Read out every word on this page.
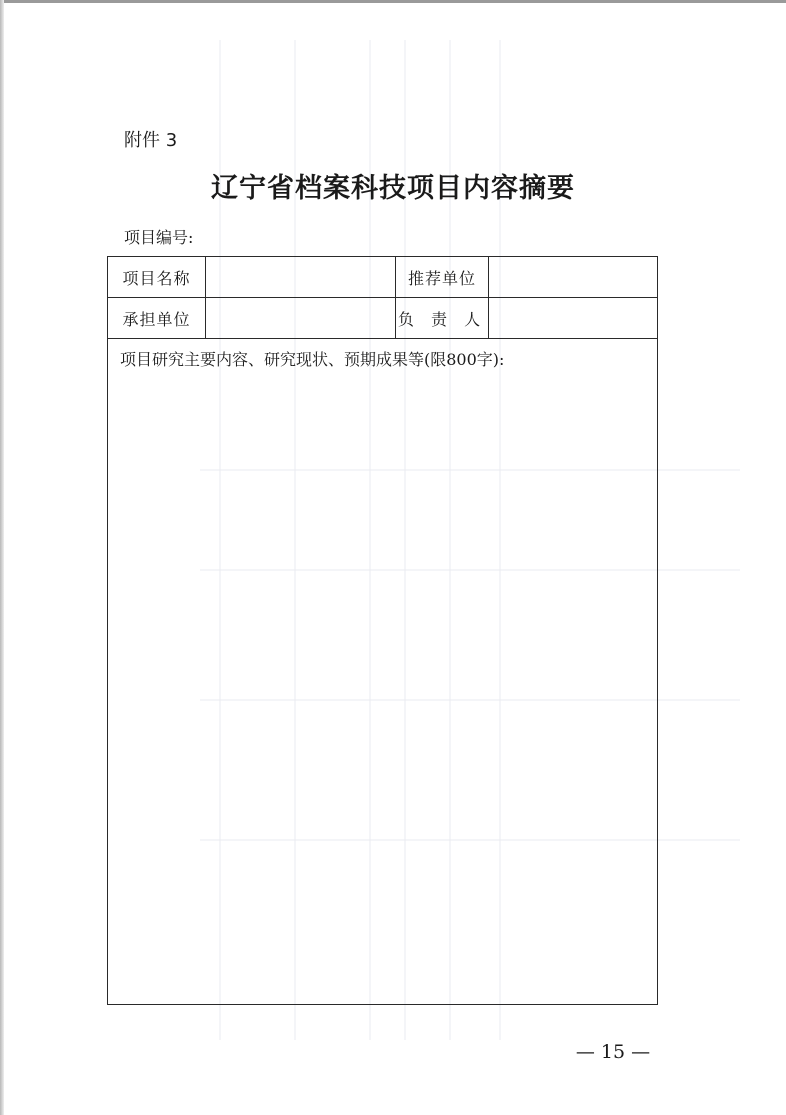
附件 3
辽宁省档案科技项目内容摘要
项目编号:
项目名称		推荐单位	
承担单位		负 责 人	

项目研究主要内容、研究现状、预期成果等(限800字):			
— 15 —
